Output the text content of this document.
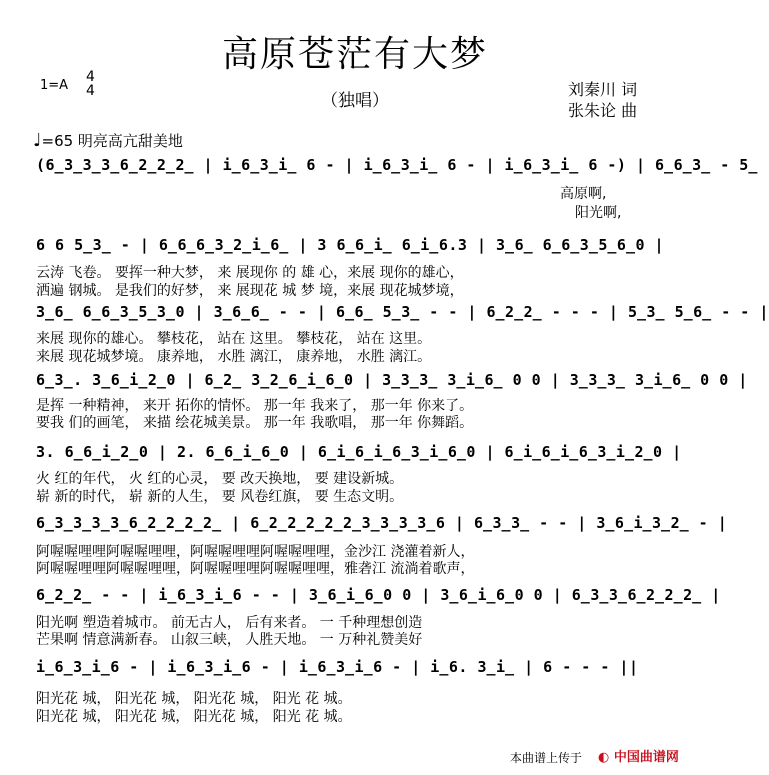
高原苍茫有大梦
（独唱）
1=A
4
4	刘秦川 词
张朱论 曲
♩=65 明亮高亢甜美地
(6̲3̲3̲3̲6̲2̲2̲2̲ | i̲6̲3̲i̲ 6 - | i̲6̲3̲i̲ 6 - | i̲6̲3̲i̲ 6 -) | 6̲6̲3̲ - 5̲
高原啊,
阳光啊,
6 6 5̲3̲ - | 6̲6̲6̲3̲2̲i̲6̲ | 3 6̲6̲i̲ 6̲i̲6.3 | 3̲6̲ 6̲6̲3̲5̲6̲0 |
云涛 飞卷。 要挥一种大梦， 来 展现你 的 雄 心，来展 现你的雄心，
洒遍 钢城。 是我们的好梦， 来 展现花 城 梦 境，来展 现花城梦境，
3̲6̲ 6̲6̲3̲5̲3̲0 | 3̲6̲6̲ - - | 6̲6̲ 5̲3̲ - - | 6̲2̲2̲ - - - | 5̲3̲ 5̲6̲ - - |
来展 现你的雄心。 攀枝花， 站在 这里。 攀枝花， 站在 这里。
来展 现花城梦境。 康养地， 水胜 漓江， 康养地， 水胜 漓江。
6̲3̲. 3̲6̲i̲2̲0 | 6̲2̲ 3̲2̲6̲i̲6̲0 | 3̲3̲3̲ 3̲i̲6̲ 0 0 | 3̲3̲3̲ 3̲i̲6̲ 0 0 |
是挥 一种精神， 来开 拓你的情怀。 那一年 我来了， 那一年 你来了。
要我 们的画笔， 来描 绘花城美景。 那一年 我歌唱， 那一年 你舞蹈。
3. 6̲6̲i̲2̲0 | 2. 6̲6̲i̲6̲0 | 6̲i̲6̲i̲6̲3̲i̲6̲0 | 6̲i̲6̲i̲6̲3̲i̲2̲0 |
火 红的年代， 火 红的心灵， 要 改天换地， 要 建设新城。
崭 新的时代， 崭 新的人生， 要 风卷红旗， 要 生态文明。
6̲3̲3̲3̲3̲6̲2̲2̲2̲2̲ | 6̲2̲2̲2̲2̲2̲3̲3̲3̲3̲6 | 6̲3̲3̲ - - | 3̲6̲i̲3̲2̲ - |
阿喔喔哩哩阿喔喔哩哩，阿喔喔哩哩阿喔喔哩哩，金沙江 浇灌着新人，
阿喔喔哩哩阿喔喔哩哩，阿喔喔哩哩阿喔喔哩哩，雅砻江 流淌着歌声，
6̲2̲2̲ - - | i̲6̲3̲i̲6 - - | 3̲6̲i̲6̲0 0 | 3̲6̲i̲6̲0 0 | 6̲3̲3̲6̲2̲2̲2̲ |
阳光啊 塑造着城市。 前无古人， 后有来者。 一 千种理想创造
芒果啊 情意满新春。 山叙三峡， 人胜天地。 一 万种礼赞美好
i̲6̲3̲i̲6 - | i̲6̲3̲i̲6 - | i̲6̲3̲i̲6 - | i̲6. 3̲i̲ | 6 - - - ||
阳光花 城， 阳光花 城， 阳光花 城， 阳光 花 城。
阳光花 城， 阳光花 城， 阳光花 城， 阳光 花 城。
本曲谱上传于 ◐ 中国曲谱网
